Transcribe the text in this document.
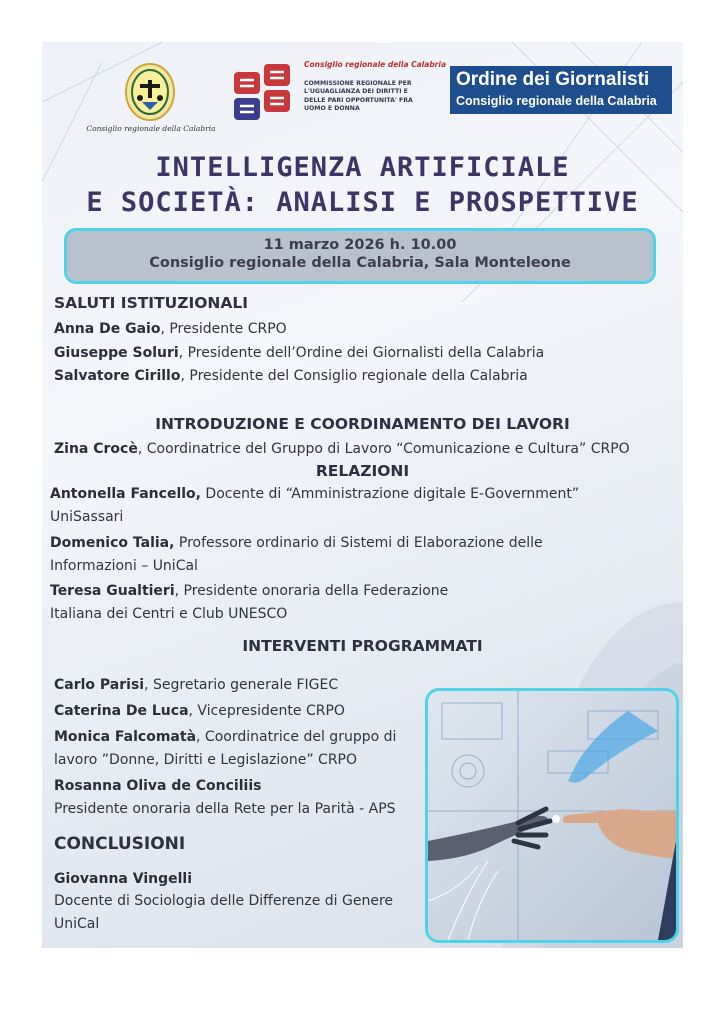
Consiglio regionale della Calabria
Consiglio regionale della Calabria
COMMISSIONE REGIONALE PER
L'UGUAGLIANZA DEI DIRITTI E
DELLE PARI OPPORTUNITA' FRA
UOMO E DONNA
Ordine dei Giornalisti
Consiglio regionale della Calabria
INTELLIGENZA ARTIFICIALE
E SOCIETÀ: ANALISI E PROSPETTIVE
11 marzo 2026 h. 10.00
Consiglio regionale della Calabria, Sala Monteleone
SALUTI ISTITUZIONALI
Anna De Gaio, Presidente CRPO
Giuseppe Soluri, Presidente dell’Ordine dei Giornalisti della Calabria
Salvatore Cirillo, Presidente del Consiglio regionale della Calabria
INTRODUZIONE E COORDINAMENTO DEI LAVORI
Zina Crocè, Coordinatrice del Gruppo di Lavoro “Comunicazione e Cultura” CRPO
RELAZIONI
Antonella Fancello, Docente di “Amministrazione digitale E-Government”
UniSassari
Domenico Talia, Professore ordinario di Sistemi di Elaborazione delle
Informazioni – UniCal
Teresa Gualtieri, Presidente onoraria della Federazione
Italiana dei Centri e Club UNESCO
INTERVENTI PROGRAMMATI
Carlo Parisi, Segretario generale FIGEC
Caterina De Luca, Vicepresidente CRPO
Monica Falcomatà, Coordinatrice del gruppo di
lavoro ”Donne, Diritti e Legislazione” CRPO
Rosanna Oliva de Conciliis
Presidente onoraria della Rete per la Parità - APS
CONCLUSIONI
Giovanna Vingelli
Docente di Sociologia delle Differenze di Genere
UniCal
